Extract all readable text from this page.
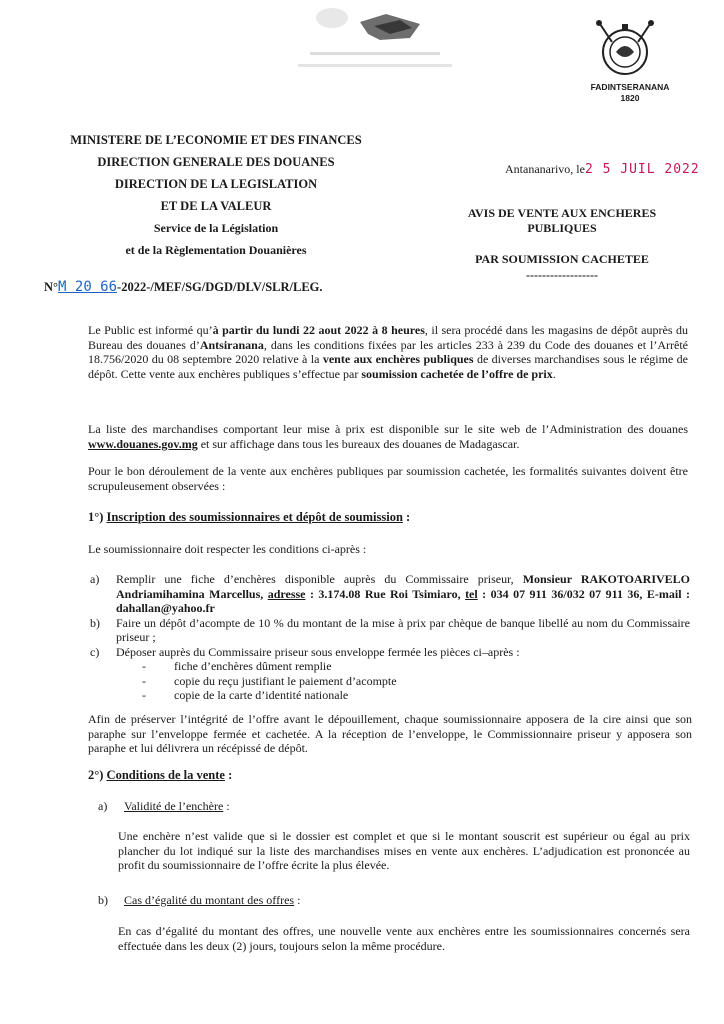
FADINTSERANANA
1820
MINISTERE DE L’ECONOMIE ET DES FINANCES
DIRECTION GENERALE DES DOUANES
DIRECTION DE LA LEGISLATION
ET DE LA VALEUR
Service de la Législation
et de la Règlementation Douanières
Antananarivo, le2 5 JUIL 2022
AVIS DE VENTE AUX ENCHERES PUBLIQUES
PAR SOUMISSION CACHETEE
------------------
N°M 20 66-2022-/MEF/SG/DGD/DLV/SLR/LEG.
Le Public est informé qu’à partir du lundi 22 aout 2022 à 8 heures, il sera procédé dans les magasins de dépôt auprès du Bureau des douanes d’Antsiranana, dans les conditions fixées par les articles 233 à 239 du Code des douanes et l’Arrêté 18.756/2020 du 08 septembre 2020 relative à la vente aux enchères publiques de diverses marchandises sous le régime de dépôt. Cette vente aux enchères publiques s’effectue par soumission cachetée de l’offre de prix.
La liste des marchandises comportant leur mise à prix est disponible sur le site web de l’Administration des douanes www.douanes.gov.mg et sur affichage dans tous les bureaux des douanes de Madagascar.
Pour le bon déroulement de la vente aux enchères publiques par soumission cachetée, les formalités suivantes doivent être scrupuleusement observées :
1°) Inscription des soumissionnaires et dépôt de soumission :
Le soumissionnaire doit respecter les conditions ci-après :
a)	Remplir une fiche d’enchères disponible auprès du Commissaire priseur, Monsieur RAKOTOARIVELO Andriamihamina Marcellus, adresse : 3.174.08 Rue Roi Tsimiaro, tel : 034 07 911 36/032 07 911 36, E-mail : dahallan@yahoo.fr
b)	Faire un dépôt d’acompte de 10 % du montant de la mise à prix par chèque de banque libellé au nom du Commissaire priseur ;
c)	Déposer auprès du Commissaire priseur sous enveloppe fermée les pièces ci–après :
-	fiche d’enchères dûment remplie
-	copie du reçu justifiant le paiement d’acompte
-	copie de la carte d’identité nationale
Afin de préserver l’intégrité de l’offre avant le dépouillement, chaque soumissionnaire apposera de la cire ainsi que son paraphe sur l’enveloppe fermée et cachetée. A la réception de l’enveloppe, le Commissionnaire priseur y apposera son paraphe et lui délivrera un récépissé de dépôt.
2°) Conditions de la vente :
a) Validité de l’enchère :
Une enchère n’est valide que si le dossier est complet et que si le montant souscrit est supérieur ou égal au prix plancher du lot indiqué sur la liste des marchandises mises en vente aux enchères. L’adjudication est prononcée au profit du soumissionnaire de l’offre écrite la plus élevée.
b) Cas d’égalité du montant des offres :
En cas d’égalité du montant des offres, une nouvelle vente aux enchères entre les soumissionnaires concernés sera effectuée dans les deux (2) jours, toujours selon la même procédure.
